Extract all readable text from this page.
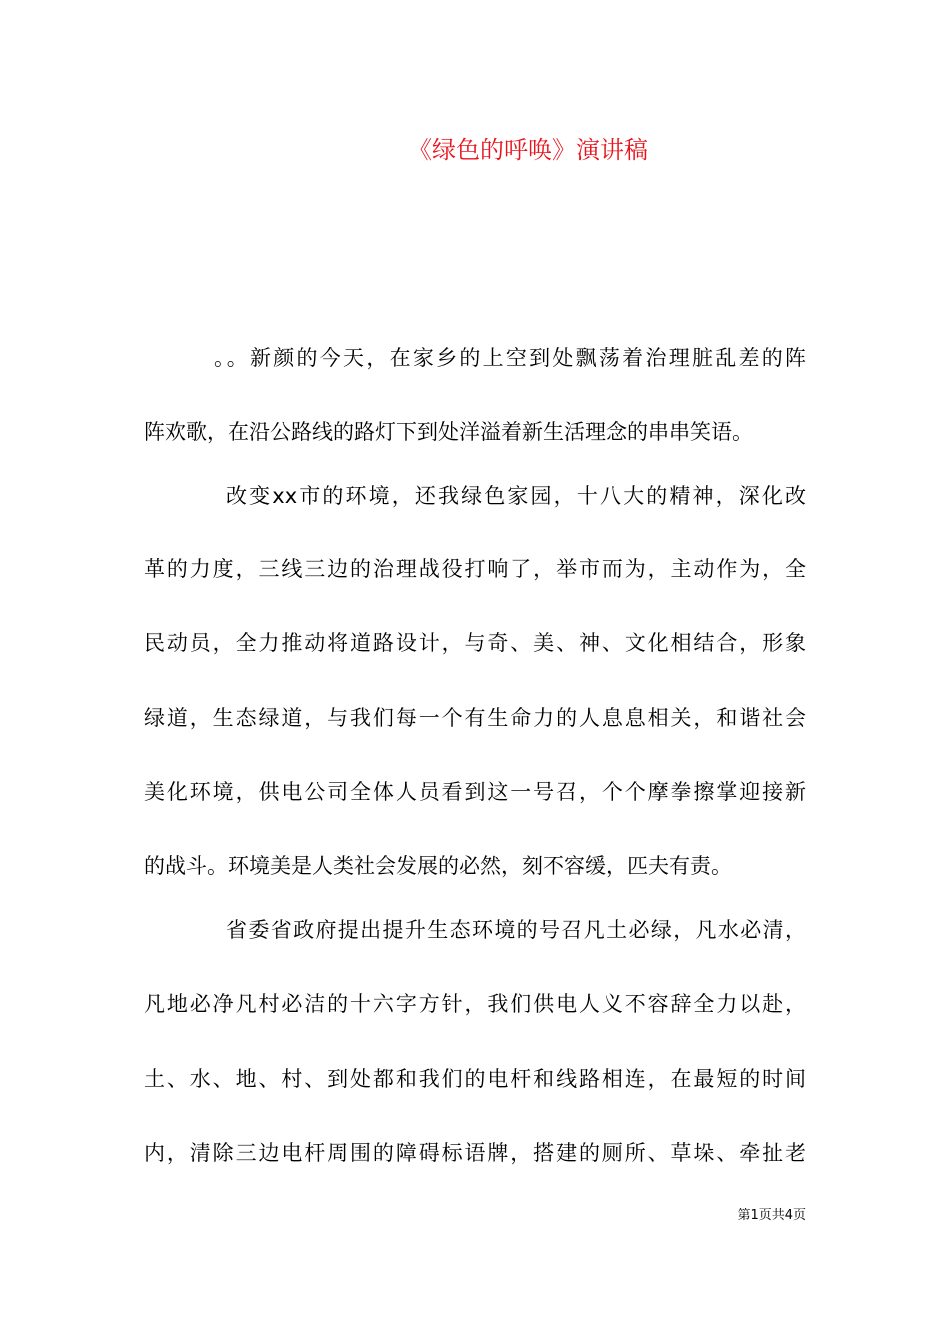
《绿色的呼唤》演讲稿
。。新颜的今天，在家乡的上空到处飘荡着治理脏乱差的阵
阵欢歌，在沿公路线的路灯下到处洋溢着新生活理念的串串笑语。
改变xx市的环境，还我绿色家园，十八大的精神，深化改
革的力度，三线三边的治理战役打响了，举市而为，主动作为，全
民动员，全力推动将道路设计，与奇、美、神、文化相结合，形象
绿道，生态绿道，与我们每一个有生命力的人息息相关，和谐社会
美化环境，供电公司全体人员看到这一号召，个个摩拳擦掌迎接新
的战斗。环境美是人类社会发展的必然，刻不容缓，匹夫有责。
省委省政府提出提升生态环境的号召凡土必绿，凡水必清，
凡地必净凡村必洁的十六字方针，我们供电人义不容辞全力以赴，
土、水、地、村、到处都和我们的电杆和线路相连，在最短的时间
内，清除三边电杆周围的障碍标语牌，搭建的厕所、草垛、牵扯老
第1页共4页
